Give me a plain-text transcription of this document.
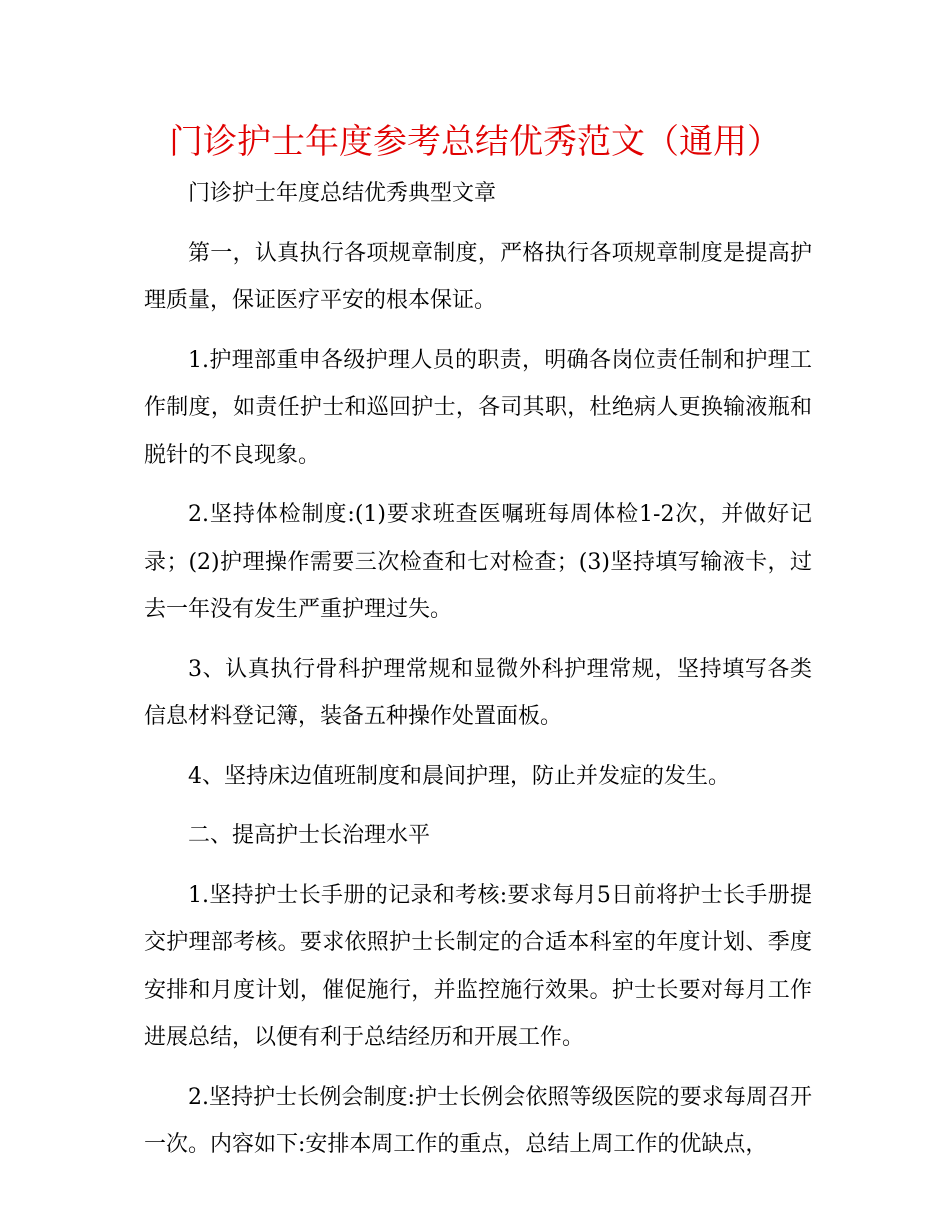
门诊护士年度参考总结优秀范文（通用）

门诊护士年度总结优秀典型文章

第一，认真执行各项规章制度，严格执行各项规章制度是提高护理质量，保证医疗平安的根本保证。

1.护理部重申各级护理人员的职责，明确各岗位责任制和护理工作制度，如责任护士和巡回护士，各司其职，杜绝病人更换输液瓶和脱针的不良现象。

2.坚持体检制度:(1)要求班查医嘱班每周体检1-2次，并做好记录；(2)护理操作需要三次检查和七对检查；(3)坚持填写输液卡，过去一年没有发生严重护理过失。

3、认真执行骨科护理常规和显微外科护理常规，坚持填写各类信息材料登记簿，装备五种操作处置面板。

4、坚持床边值班制度和晨间护理，防止并发症的发生。

二、提高护士长治理水平

1.坚持护士长手册的记录和考核:要求每月5日前将护士长手册提交护理部考核。要求依照护士长制定的合适本科室的年度计划、季度安排和月度计划，催促施行，并监控施行效果。护士长要对每月工作进展总结，以便有利于总结经历和开展工作。

2.坚持护士长例会制度:护士长例会依照等级医院的要求每周召开一次。内容如下:安排本周工作的重点，总结上周工作的优缺点，
